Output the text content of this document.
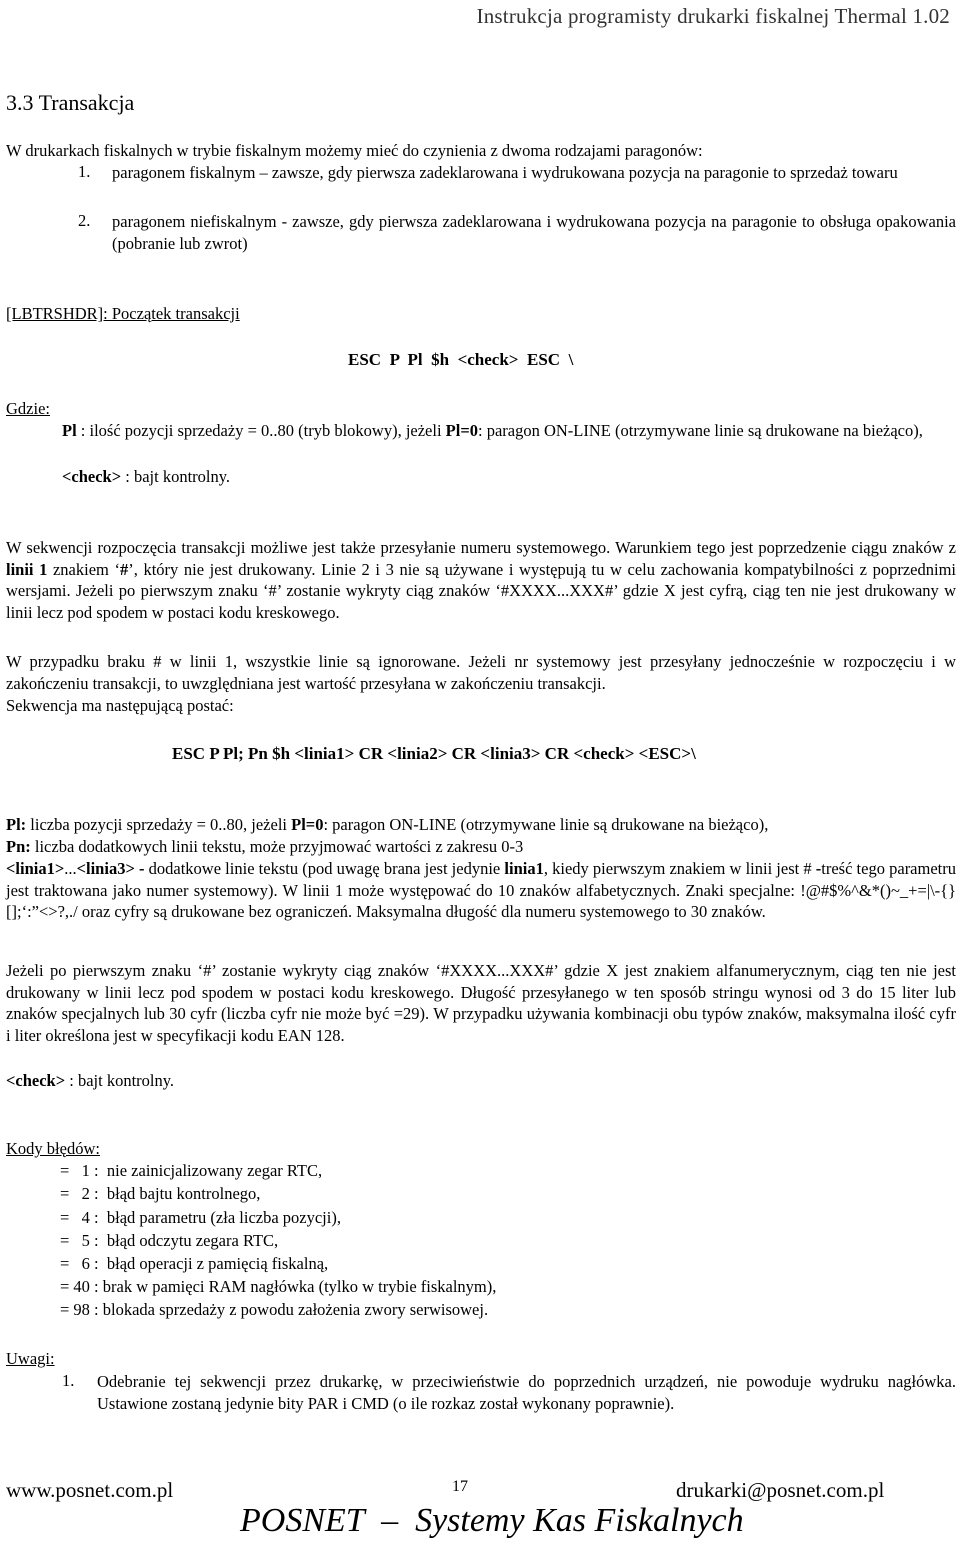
Instrukcja programisty drukarki fiskalnej Thermal 1.02
3.3 Transakcja
W drukarkach fiskalnych w trybie fiskalnym możemy mieć do czynienia z dwoma rodzajami paragonów:
1. paragonem fiskalnym – zawsze, gdy pierwsza zadeklarowana i wydrukowana pozycja na paragonie to sprzedaż towaru
2. paragonem niefiskalnym - zawsze, gdy pierwsza zadeklarowana i wydrukowana pozycja na paragonie to obsługa opakowania (pobranie lub zwrot)
[LBTRSHDR]: Początek transakcji
ESC  P  Pl  $h  <check>  ESC  \
Gdzie:
Pl : ilość pozycji sprzedaży = 0..80 (tryb blokowy), jeżeli Pl=0: paragon ON-LINE (otrzymywane linie są drukowane na bieżąco),
<check> : bajt kontrolny.
W sekwencji rozpoczęcia transakcji możliwe jest także przesyłanie numeru systemowego. Warunkiem tego jest poprzedzenie ciągu znaków z linii 1 znakiem ‘#’, który nie jest drukowany. Linie 2 i 3 nie są używane i występują tu w celu zachowania kompatybilności z poprzednimi wersjami. Jeżeli po pierwszym znaku ‘#’ zostanie wykryty ciąg znaków ‘#XXXX...XXX#’ gdzie X jest cyfrą, ciąg ten nie jest drukowany w linii lecz pod spodem w postaci kodu kreskowego.
W przypadku braku # w linii 1, wszystkie linie są ignorowane. Jeżeli nr systemowy jest przesyłany jednocześnie w rozpoczęciu i w zakończeniu transakcji, to uwzględniana jest wartość przesyłana w zakończeniu transakcji.
Sekwencja ma następującą postać:
ESC P Pl; Pn $h <linia1> CR <linia2> CR <linia3> CR <check> <ESC>\
Pl: liczba pozycji sprzedaży = 0..80, jeżeli Pl=0: paragon ON-LINE (otrzymywane linie są drukowane na bieżąco),
Pn: liczba dodatkowych linii tekstu, może przyjmować wartości z zakresu 0-3
<linia1>...<linia3> - dodatkowe linie tekstu (pod uwagę brana jest jedynie linia1, kiedy pierwszym znakiem w linii jest # -treść tego parametru jest traktowana jako numer systemowy). W linii 1 może występować do 10 znaków alfabetycznych. Znaki specjalne: !@#$%^&*()~_+=|\-{}[];‘:”<>?,./ oraz cyfry są drukowane bez ograniczeń. Maksymalna długość dla numeru systemowego to 30 znaków.
Jeżeli po pierwszym znaku ‘#’ zostanie wykryty ciąg znaków ‘#XXXX...XXX#’ gdzie X jest znakiem alfanumerycznym, ciąg ten nie jest drukowany w linii lecz pod spodem w postaci kodu kreskowego. Długość przesyłanego w ten sposób stringu wynosi od 3 do 15 liter lub znaków specjalnych lub 30 cyfr (liczba cyfr nie może być =29). W przypadku używania kombinacji obu typów znaków, maksymalna ilość cyfr i liter określona jest w specyfikacji kodu EAN 128.
<check> : bajt kontrolny.
Kody błędów:
=   1 :  nie zainicjalizowany zegar RTC,
=   2 :  błąd bajtu kontrolnego,
=   4 :  błąd parametru (zła liczba pozycji),
=   5 :  błąd odczytu zegara RTC,
=   6 :  błąd operacji z pamięcią fiskalną,
= 40 : brak w pamięci RAM nagłówka (tylko w trybie fiskalnym),
= 98 : blokada sprzedaży z powodu założenia zwory serwisowej.
Uwagi:
1. Odebranie tej sekwencji przez drukarkę, w przeciwieństwie do poprzednich urządzeń, nie powoduje wydruku nagłówka. Ustawione zostaną jedynie bity PAR i CMD (o ile rozkaz został wykonany poprawnie).
www.posnet.com.pl	17	drukarki@posnet.com.pl
POSNET  –  Systemy Kas Fiskalnych
